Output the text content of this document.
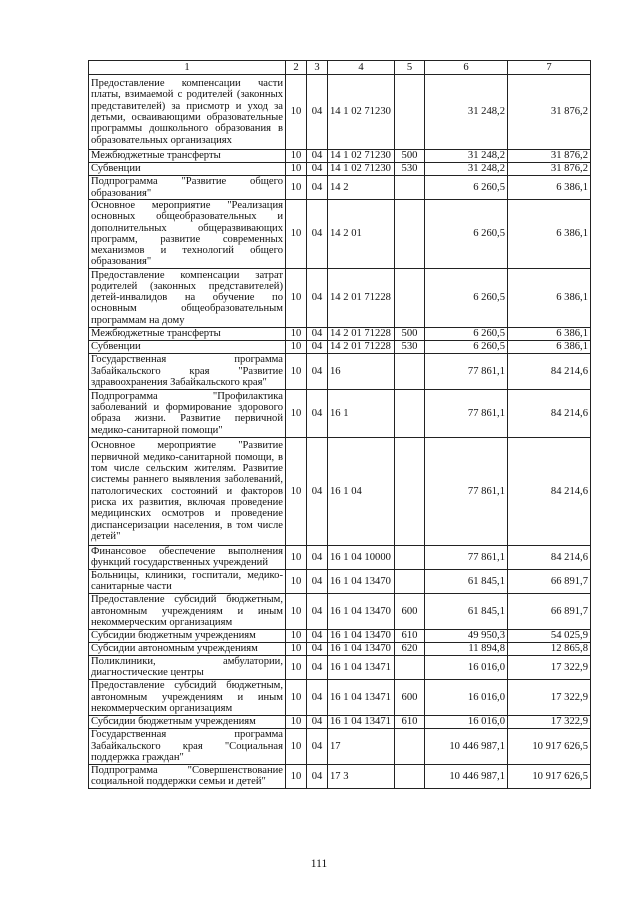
1	2	3	4	5	6	7
Предоставление компенсации части платы, взимаемой с родителей (законных представителей) за присмотр и уход за детьми, осваивающими образовательные программы дошкольного образования в образовательных организациях	10	04	14 1 02 71230		31 248,2	31 876,2
Межбюджетные трансферты	10	04	14 1 02 71230	500	31 248,2	31 876,2
Субвенции	10	04	14 1 02 71230	530	31 248,2	31 876,2
Подпрограмма "Развитие общего образования"	10	04	14 2		6 260,5	6 386,1
Основное мероприятие "Реализация основных общеобразовательных и дополнительных общеразвивающих программ, развитие современных механизмов и технологий общего образования"	10	04	14 2 01		6 260,5	6 386,1
Предоставление компенсации затрат родителей (законных представителей) детей-инвалидов на обучение по основным общеобразовательным программам на дому	10	04	14 2 01 71228		6 260,5	6 386,1
Межбюджетные трансферты	10	04	14 2 01 71228	500	6 260,5	6 386,1
Субвенции	10	04	14 2 01 71228	530	6 260,5	6 386,1
Государственная программа Забайкальского края "Развитие здравоохранения Забайкальского края"	10	04	16		77 861,1	84 214,6
Подпрограмма "Профилактика заболеваний и формирование здорового образа жизни. Развитие первичной медико-санитарной помощи"	10	04	16 1		77 861,1	84 214,6
Основное мероприятие "Развитие первичной медико-санитарной помощи, в том числе сельским жителям. Развитие системы раннего выявления заболеваний, патологических состояний и факторов риска их развития, включая проведение медицинских осмотров и проведение диспансеризации населения, в том числе детей"	10	04	16 1 04		77 861,1	84 214,6
Финансовое обеспечение выполнения функций государственных учреждений	10	04	16 1 04 10000		77 861,1	84 214,6
Больницы, клиники, госпитали, медико-санитарные части	10	04	16 1 04 13470		61 845,1	66 891,7
Предоставление субсидий бюджетным, автономным учреждениям и иным некоммерческим организациям	10	04	16 1 04 13470	600	61 845,1	66 891,7
Субсидии бюджетным учреждениям	10	04	16 1 04 13470	610	49 950,3	54 025,9
Субсидии автономным учреждениям	10	04	16 1 04 13470	620	11 894,8	12 865,8
Поликлиники, амбулатории, диагностические центры	10	04	16 1 04 13471		16 016,0	17 322,9
Предоставление субсидий бюджетным, автономным учреждениям и иным некоммерческим организациям	10	04	16 1 04 13471	600	16 016,0	17 322,9
Субсидии бюджетным учреждениям	10	04	16 1 04 13471	610	16 016,0	17 322,9
Государственная программа Забайкальского края "Социальная поддержка граждан"	10	04	17		10 446 987,1	10 917 626,5
Подпрограмма "Совершенствование социальной поддержки семьи и детей"	10	04	17 3		10 446 987,1	10 917 626,5
111
